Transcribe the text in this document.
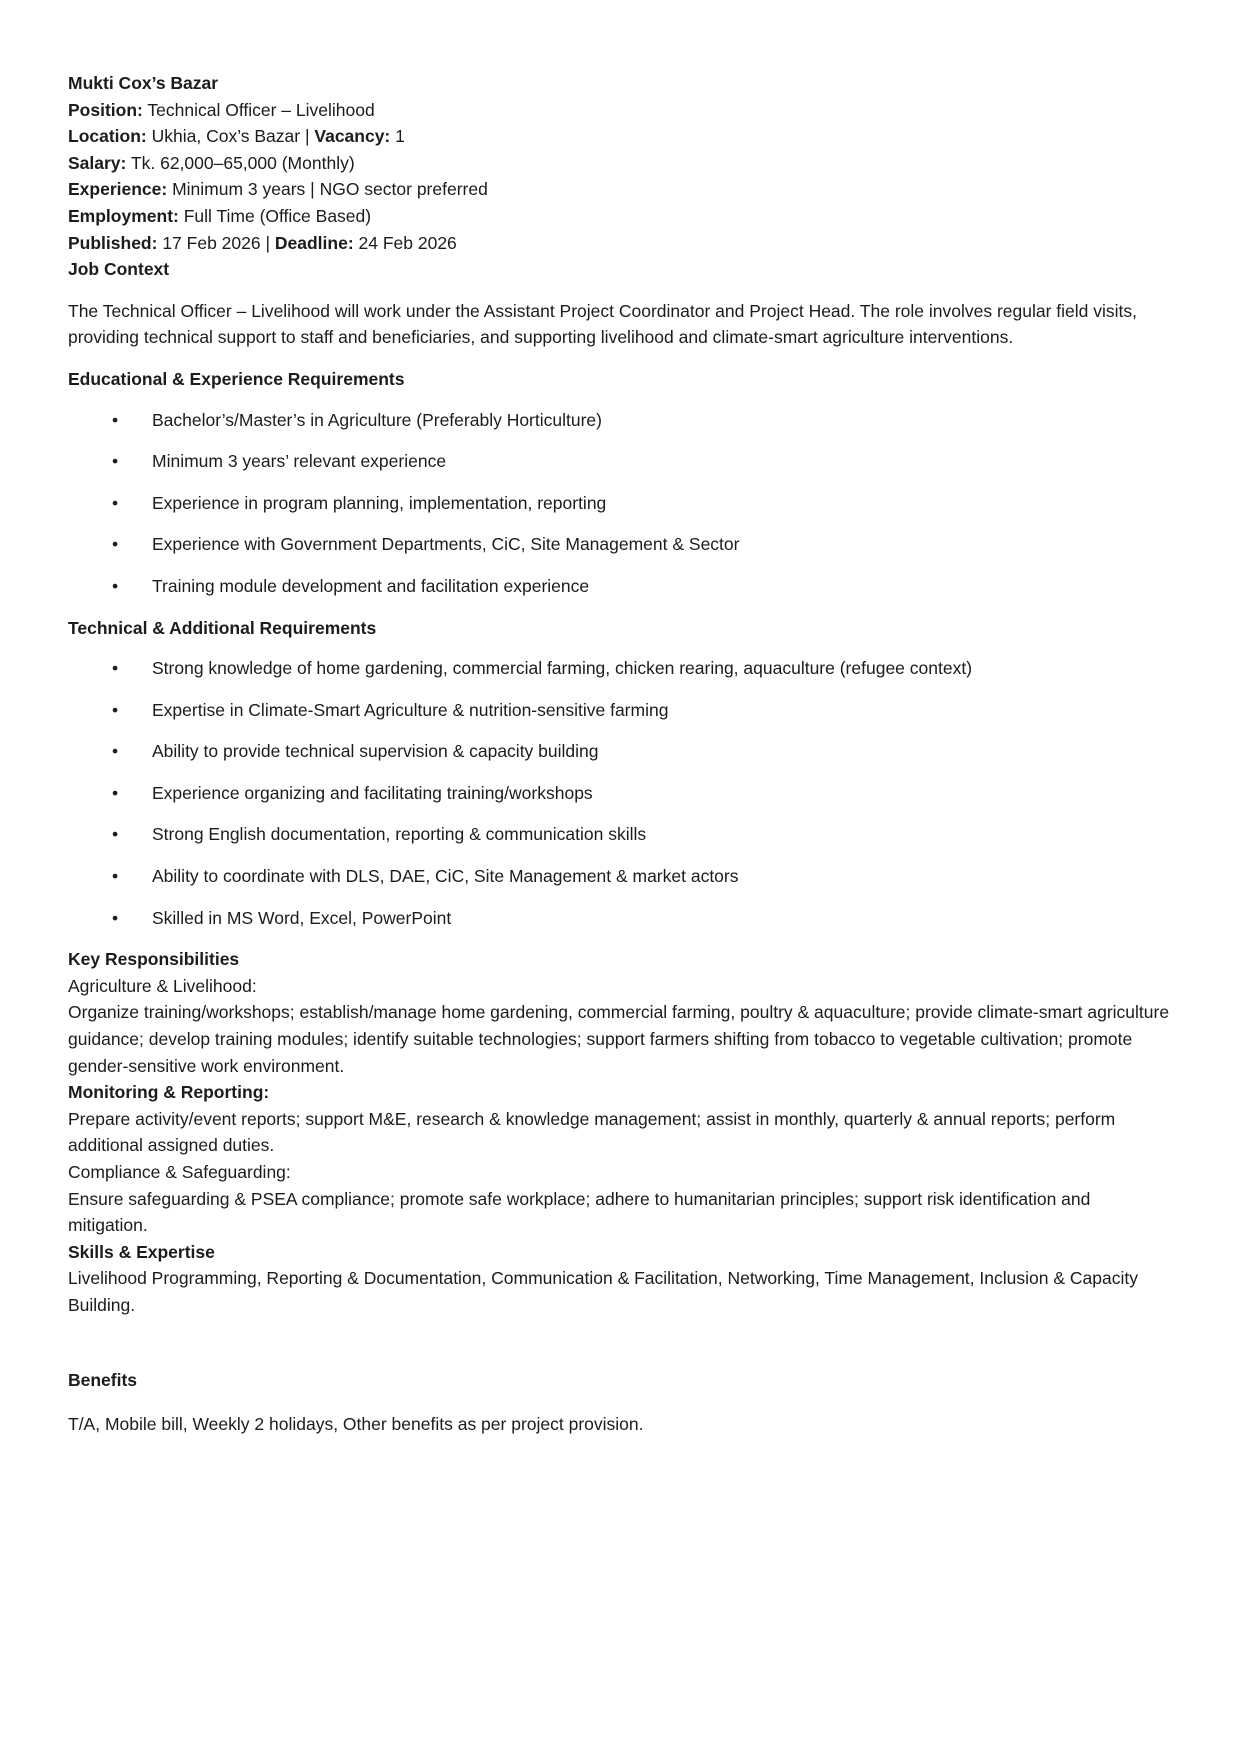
Mukti Cox’s Bazar

Position: Technical Officer – Livelihood

Location: Ukhia, Cox’s Bazar | Vacancy: 1

Salary: Tk. 62,000–65,000 (Monthly)

Experience: Minimum 3 years | NGO sector preferred

Employment: Full Time (Office Based)

Published: 17 Feb 2026 | Deadline: 24 Feb 2026

Job Context

The Technical Officer – Livelihood will work under the Assistant Project Coordinator and Project Head. The role involves regular field visits, providing technical support to staff and beneficiaries, and supporting livelihood and climate-smart agriculture interventions.

Educational & Experience Requirements

• Bachelor’s/Master’s in Agriculture (Preferably Horticulture)
• Minimum 3 years’ relevant experience
• Experience in program planning, implementation, reporting
• Experience with Government Departments, CiC, Site Management & Sector
• Training module development and facilitation experience

Technical & Additional Requirements

• Strong knowledge of home gardening, commercial farming, chicken rearing, aquaculture (refugee context)
• Expertise in Climate-Smart Agriculture & nutrition-sensitive farming
• Ability to provide technical supervision & capacity building
• Experience organizing and facilitating training/workshops
• Strong English documentation, reporting & communication skills
• Ability to coordinate with DLS, DAE, CiC, Site Management & market actors
• Skilled in MS Word, Excel, PowerPoint

Key Responsibilities

Agriculture & Livelihood:

Organize training/workshops; establish/manage home gardening, commercial farming, poultry & aquaculture; provide climate-smart agriculture guidance; develop training modules; identify suitable technologies; support farmers shifting from tobacco to vegetable cultivation; promote gender-sensitive work environment.

Monitoring & Reporting:

Prepare activity/event reports; support M&E, research & knowledge management; assist in monthly, quarterly & annual reports; perform additional assigned duties.

Compliance & Safeguarding:

Ensure safeguarding & PSEA compliance; promote safe workplace; adhere to humanitarian principles; support risk identification and mitigation.

Skills & Expertise

Livelihood Programming, Reporting & Documentation, Communication & Facilitation, Networking, Time Management, Inclusion & Capacity Building.

Benefits

T/A, Mobile bill, Weekly 2 holidays, Other benefits as per project provision.
